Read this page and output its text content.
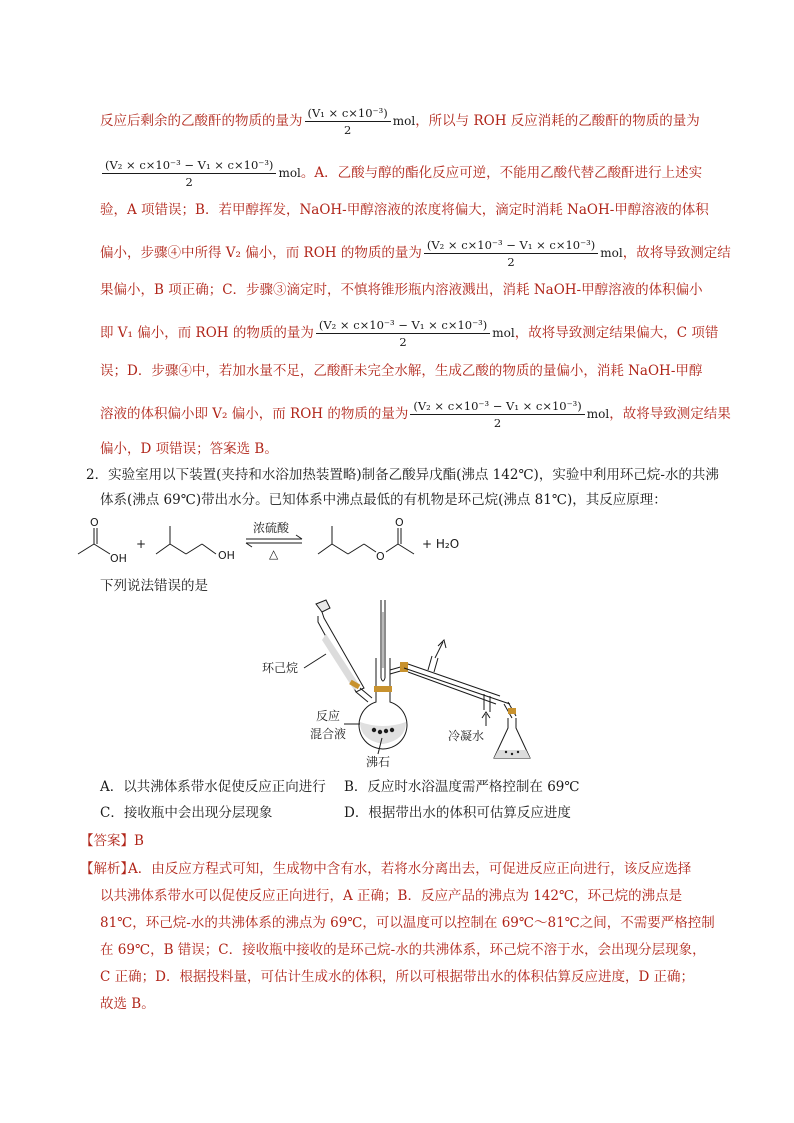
反应后剩余的乙酸酐的物质的量为 $\frac{\text{(V₁ × c×10⁻³)}}{2}$ mol，所以与 ROH 反应消耗的乙酸酐的物质的量为
$\frac{\text{(V₂ × c×10⁻³ − V₁ × c×10⁻³)}}{2}$ mol。A．乙酸与醇的酯化反应可逆，不能用乙酸代替乙酸酐进行上述实
验，A 项错误；B．若甲醇挥发，NaOH-甲醇溶液的浓度将偏大，滴定时消耗 NaOH-甲醇溶液的体积
偏小，步骤④中所得 V₂ 偏小，而 ROH 的物质的量为 $\frac{\text{(V₂ × c×10⁻³ − V₁ × c×10⁻³)}}{2}$ mol，故将导致测定结
果偏小，B 项正确；C．步骤③滴定时，不慎将锥形瓶内溶液溅出，消耗 NaOH-甲醇溶液的体积偏小
即 V₁ 偏小，而 ROH 的物质的量为 $\frac{\text{(V₂ × c×10⁻³ − V₁ × c×10⁻³)}}{2}$ mol，故将导致测定结果偏大，C 项错
误；D．步骤④中，若加水量不足，乙酸酐未完全水解，生成乙酸的物质的量偏小，消耗 NaOH-甲醇
溶液的体积偏小即 V₂ 偏小，而 ROH 的物质的量为 $\frac{\text{(V₂ × c×10⁻³ − V₁ × c×10⁻³)}}{2}$ mol，故将导致测定结果
偏小，D 项错误；答案选 B。
2．实验室用以下装置(夹持和水浴加热装置略)制备乙酸异戊酯(沸点 142℃)，实验中利用环己烷-水的共沸
体系(沸点 69℃)带出水分。已知体系中沸点最低的有机物是环己烷(沸点 81℃)，其反应原理：
O
OH
+
OH
浓硫酸
△	O
O
+ H₂O
下列说法错误的是
环己烷
反应
混合液
沸石
冷凝水
A．以共沸体系带水促使反应正向进行 B．反应时水浴温度需严格控制在 69℃
C．接收瓶中会出现分层现象	D．根据带出水的体积可估算反应进度
【答案】B
【解析】
A．由反应方程式可知，生成物中含有水，若将水分离出去，可促进反应正向进行，该反应选择
以共沸体系带水可以促使反应正向进行，A 正确；B．反应产品的沸点为 142℃，环己烷的沸点是
81℃，环己烷-水的共沸体系的沸点为 69℃，可以温度可以控制在 69℃～81℃之间，不需要严格控制
在 69℃，B 错误；C．接收瓶中接收的是环己烷-水的共沸体系，环己烷不溶于水，会出现分层现象，
C 正确；D．根据投料量，可估计生成水的体积，所以可根据带出水的体积估算反应进度，D 正确；
故选 B。
